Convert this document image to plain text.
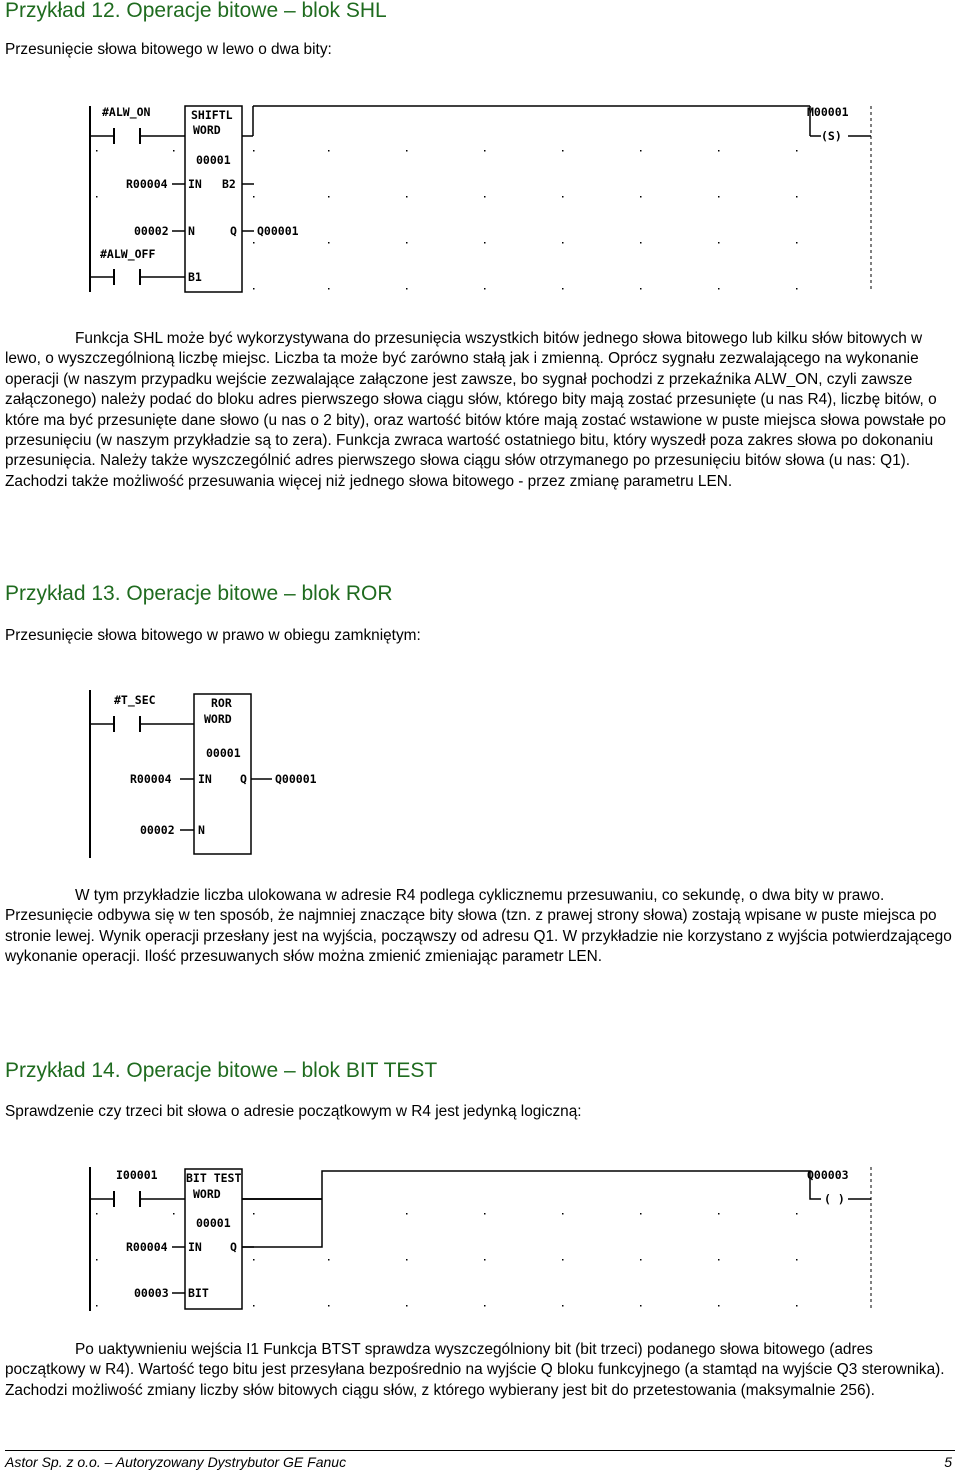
Przykład 12. Operacje bitowe – blok SHL

Przesunięcie słowa bitowego w lewo o dwa bity:

#ALW_ON	SHIFTL
WORD
00001
R00004 IN B2
00002 N	Q Q00001
#ALW_OFF
B1
M00001
(S)

Funkcja SHL może być wykorzystywana do przesunięcia wszystkich bitów jednego słowa bitowego lub kilku słów bitowych w lewo, o wyszczególnioną liczbę miejsc. Liczba ta może być zarówno stałą jak i zmienną. Oprócz sygnału zezwalającego na wykonanie operacji (w naszym przypadku wejście zezwalające załączone jest zawsze, bo sygnał pochodzi z przekaźnika ALW_ON, czyli zawsze załączonego) należy podać do bloku adres pierwszego słowa ciągu słów, którego bity mają zostać przesunięte (u nas R4), liczbę bitów, o które ma być przesunięte dane słowo (u nas o 2 bity), oraz wartość bitów które mają zostać wstawione w puste miejsca słowa powstałe po przesunięciu (w naszym przykładzie są to zera). Funkcja zwraca wartość ostatniego bitu, który wyszedł poza zakres słowa po dokonaniu przesunięcia. Należy także wyszczególnić adres pierwszego słowa ciągu słów otrzymanego po przesunięciu bitów słowa (u nas: Q1). Zachodzi także możliwość przesuwania więcej niż jednego słowa bitowego - przez zmianę parametru LEN.

Przykład 13. Operacje bitowe – blok ROR

Przesunięcie słowa bitowego w prawo w obiegu zamkniętym:

#T_SEC	ROR
WORD
00001
R00004 IN Q Q00001
00002 N

W tym przykładzie liczba ulokowana w adresie R4 podlega cyklicznemu przesuwaniu, co sekundę, o dwa bity w prawo. Przesunięcie odbywa się w ten sposób, że najmniej znaczące bity słowa (tzn. z prawej strony słowa) zostają wpisane w puste miejsca po stronie lewej. Wynik operacji przesłany jest na wyjścia, począwszy od adresu Q1. W przykładzie nie korzystano z wyjścia potwierdzającego wykonanie operacji. Ilość przesuwanych słów można zmienić zmieniając parametr LEN.

Przykład 14. Operacje bitowe – blok BIT TEST

Sprawdzenie czy trzeci bit słowa o adresie początkowym w R4 jest jedynką logiczną:

I00001 BIT TEST
WORD
00001
R00004 IN Q
00003 BIT
Q00003
( )

Po uaktywnieniu wejścia I1 Funkcja BTST sprawdza wyszczególniony bit (bit trzeci) podanego słowa bitowego (adres początkowy w R4). Wartość tego bitu jest przesyłana bezpośrednio na wyjście Q bloku funkcyjnego (a stamtąd na wyjście Q3 sterownika). Zachodzi możliwość zmiany liczby słów bitowych ciągu słów, z którego wybierany jest bit do przetestowania (maksymalnie 256).

Astor Sp. z o.o. – Autoryzowany Dystrybutor GE Fanuc	5
